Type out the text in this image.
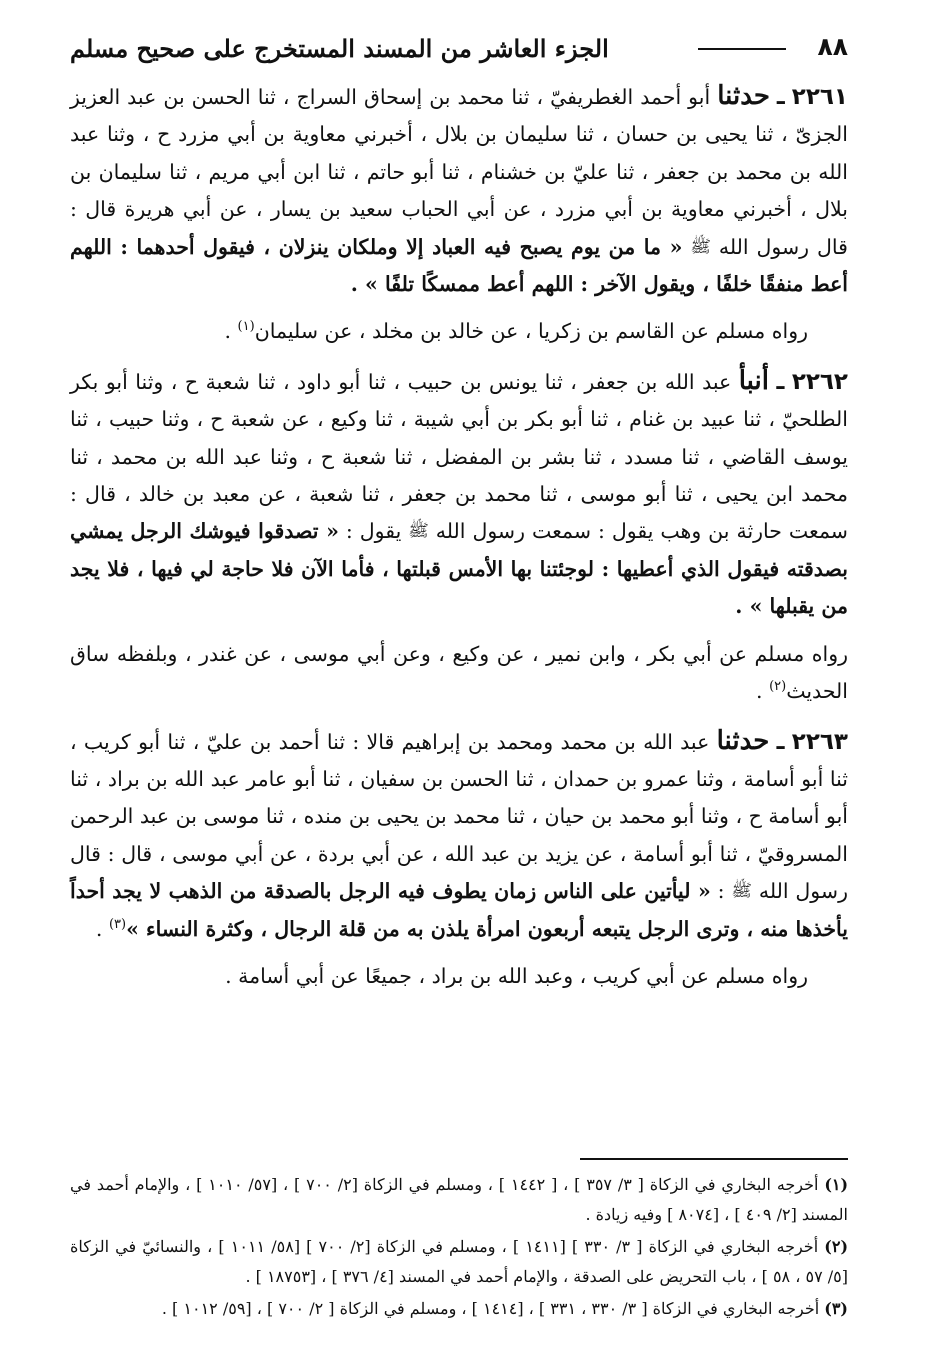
٨٨
الجزء العاشر من المسند المستخرج على صحيح مسلم

٢٢٦١ ـ حدثنا أبو أحمد الغطريفيّ ، ثنا محمد بن إسحاق السراج ، ثنا الحسن بن عبد العزيز الجزىّ ، ثنا يحيى بن حسان ، ثنا سليمان بن بلال ، أخبرني معاوية بن أبي مزرد ح ، وثنا عبد الله بن محمد بن جعفر ، ثنا عليّ بن خشنام ، ثنا أبو حاتم ، ثنا ابن أبي مريم ، ثنا سليمان بن بلال ، أخبرني معاوية بن أبي مزرد ، عن أبي الحباب سعيد بن يسار ، عن أبي هريرة قال : قال رسول الله ﷺ « ما من يوم يصبح فيه العباد إلا وملكان ينزلان ، فيقول أحدهما : اللهم أعط منفقًا خلفًا ، ويقول الآخر : اللهم أعط ممسكًا تلفًا » .

رواه مسلم عن القاسم بن زكريا ، عن خالد بن مخلد ، عن سليمان$^{(١)}$ .

٢٢٦٢ ـ أنبأ عبد الله بن جعفر ، ثنا يونس بن حبيب ، ثنا أبو داود ، ثنا شعبة ح ، وثنا أبو بكر الطلحيّ ، ثنا عبيد بن غنام ، ثنا أبو بكر بن أبي شيبة ، ثنا وكيع ، عن شعبة ح ، وثنا حبيب ، ثنا يوسف القاضي ، ثنا مسدد ، ثنا بشر بن المفضل ، ثنا شعبة ح ، وثنا عبد الله بن محمد ، ثنا محمد ابن يحيى ، ثنا أبو موسى ، ثنا محمد بن جعفر ، ثنا شعبة ، عن معبد بن خالد ، قال : سمعت حارثة بن وهب يقول : سمعت رسول الله ﷺ يقول : « تصدقوا فيوشك الرجل يمشي بصدقته فيقول الذي أعطيها : لوجئتنا بها الأمس قبلتها ، فأما الآن فلا حاجة لي فيها ، فلا يجد من يقبلها » .

رواه مسلم عن أبي بكر ، وابن نمير ، عن وكيع ، وعن أبي موسى ، عن غندر ، وبلفظه ساق الحديث$^{(٢)}$ .

٢٢٦٣ ـ حدثنا عبد الله بن محمد ومحمد بن إبراهيم قالا : ثنا أحمد بن عليّ ، ثنا أبو كريب ، ثنا أبو أسامة ، وثنا عمرو بن حمدان ، ثنا الحسن بن سفيان ، ثنا أبو عامر عبد الله بن براد ، ثنا أبو أسامة ح ، وثنا أبو محمد بن حيان ، ثنا محمد بن يحيى بن منده ، ثنا موسى بن عبد الرحمن المسروقيّ ، ثنا أبو أسامة ، عن يزيد بن عبد الله ، عن أبي بردة ، عن أبي موسى ، قال : قال رسول الله ﷺ : « ليأتين على الناس زمان يطوف فيه الرجل بالصدقة من الذهب لا يجد أحداً يأخذها منه ، وترى الرجل يتبعه أربعون امرأة يلذن به من قلة الرجال ، وكثرة النساء »$^{(٣)}$ .

رواه مسلم عن أبي كريب ، وعبد الله بن براد ، جميعًا عن أبي أسامة .

(١) أخرجه البخاري في الزكاة [ ٣/ ٣٥٧ ] ، [ ١٤٤٢ ] ، ومسلم في الزكاة [٢/ ٧٠٠ ] ، [٥٧/ ١٠١٠ ] ، والإمام أحمد في المسند [٢/ ٤٠٩ ] ، [٨٠٧٤ ] وفيه زيادة .

(٢) أخرجه البخاري في الزكاة [ ٣/ ٣٣٠ ] [١٤١١ ] ، ومسلم في الزكاة [٢/ ٧٠٠ ] [٥٨/ ١٠١١ ] ، والنسائيّ في الزكاة [٥/ ٥٧ ، ٥٨ ] ، باب التحريض على الصدقة ، والإمام أحمد في المسند [٤/ ٣٧٦ ] ، [١٨٧٥٣ ] .

(٣) أخرجه البخاري في الزكاة [ ٣/ ٣٣٠ ، ٣٣١ ] ، [١٤١٤ ] ، ومسلم في الزكاة [ ٢/ ٧٠٠ ] ، [٥٩/ ١٠١٢ ] .
